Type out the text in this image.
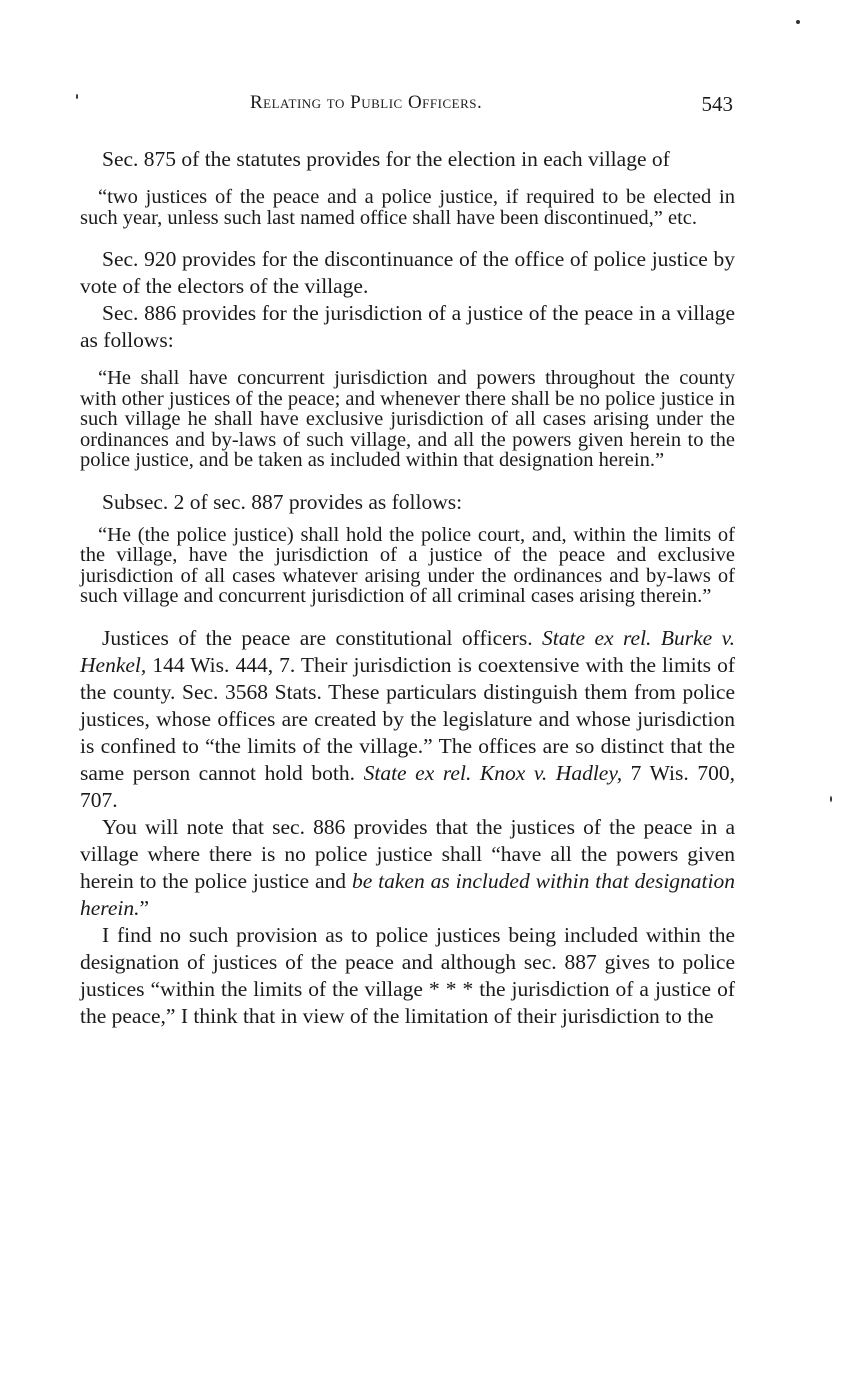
Relating to Public Officers.	543

Sec. 875 of the statutes provides for the election in each village of

“two justices of the peace and a police justice, if required to be elected in such year, unless such last named office shall have been discontinued,” etc.

Sec. 920 provides for the discontinuance of the office of police justice by vote of the electors of the village.

Sec. 886 provides for the jurisdiction of a justice of the peace in a village as follows:

“He shall have concurrent jurisdiction and powers throughout the county with other justices of the peace; and whenever there shall be no police justice in such village he shall have exclusive jurisdiction of all cases arising under the ordinances and by-laws of such village, and all the powers given herein to the police justice, and be taken as included within that designation herein.”

Subsec. 2 of sec. 887 provides as follows:

“He (the police justice) shall hold the police court, and, within the limits of the village, have the jurisdiction of a justice of the peace and exclusive jurisdiction of all cases whatever arising under the ordinances and by-laws of such village and concurrent jurisdiction of all criminal cases arising therein.”

Justices of the peace are constitutional officers. State ex rel. Burke v. Henkel, 144 Wis. 444, 7. Their jurisdiction is coextensive with the limits of the county. Sec. 3568 Stats. These particulars distinguish them from police justices, whose offices are created by the legislature and whose jurisdiction is confined to “the limits of the village.” The offices are so distinct that the same person cannot hold both. State ex rel. Knox v. Hadley, 7 Wis. 700, 707.

You will note that sec. 886 provides that the justices of the peace in a village where there is no police justice shall “have all the powers given herein to the police justice and be taken as included within that designation herein.”

I find no such provision as to police justices being included within the designation of justices of the peace and although sec. 887 gives to police justices “within the limits of the village * * * the jurisdiction of a justice of the peace,” I think that in view of the limitation of their jurisdiction to the
